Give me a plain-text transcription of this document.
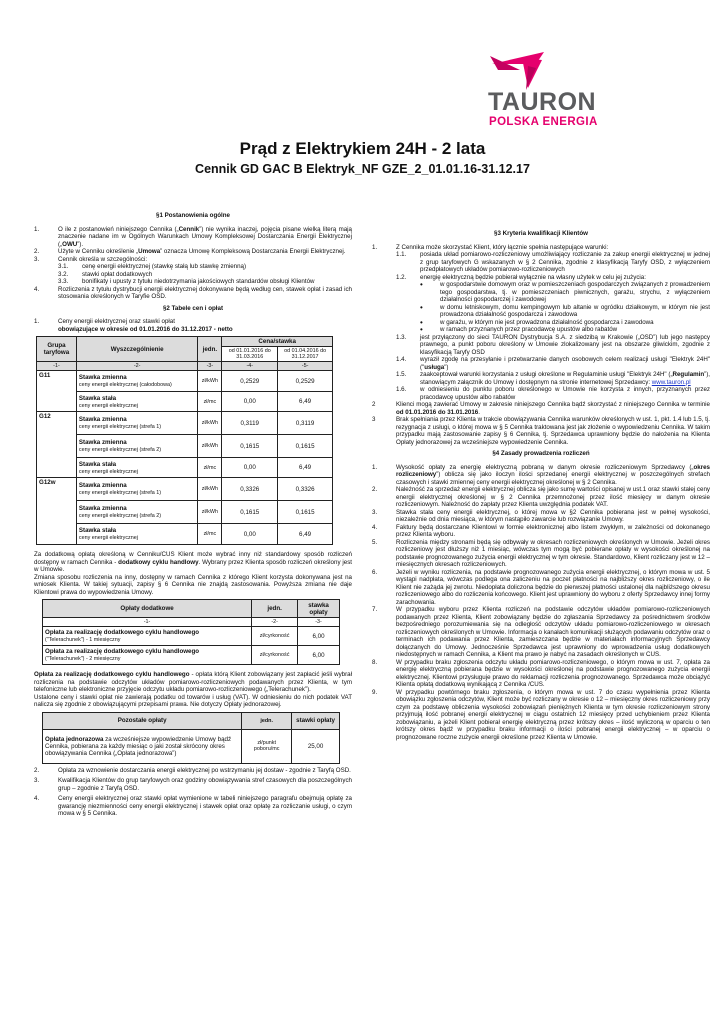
TAURON
POLSKA ENERGIA
Prąd z Elektrykiem 24H - 2 lata
Cennik GD GAC B Elektryk_NF GZE_2_01.01.16-31.12.17
§1 Postanowienia ogólne
1.	O ile z postanowień niniejszego Cennika („Cennik”) nie wynika inaczej, pojęcia pisane wielką literą mają znaczenie nadane im w Ogólnych Warunkach Umowy Kompleksowej Dostarczania Energii Elektrycznej („OWU”).
2.	Użyte w Cenniku określenie „Umowa” oznacza Umowę Kompleksową Dostarczania Energii Elektrycznej.
3.	Cennik określa w szczególności:
3.1.	cenę energii elektrycznej (stawkę stałą lub stawkę zmienną)
3.2.	stawki opłat dodatkowych
3.3.	bonifikaty i upusty z tytułu niedotrzymania jakościowych standardów obsługi Klientów
4.	Rozliczenia z tytułu dystrybucji energii elektrycznej dokonywane będą według cen, stawek opłat i zasad ich stosowania określonych w Taryfie OSD.
§2 Tabele cen i opłat
1.	Ceny energii elektrycznej oraz stawki opłat
obowiązujące w okresie od 01.01.2016 do 31.12.2017 - netto
Grupa taryfowa	Wyszczególnienie	jedn.	Cena/stawka	
			od 01.01.2016 do 31.03.2016	od 01.04.2016 do 31.12.2017
-1-	-2-	-3-	-4-	-5-
G11	Stawka zmienna
ceny energii elektrycznej (całodobowa)	zł/kWh	0,2529	0,2529
	Stawka stała
ceny energii elektrycznej	zł/mc	0,00	6,49
G12	Stawka zmienna
ceny energii elektrycznej (strefa 1)	zł/kWh	0,3119	0,3119
	Stawka zmienna
ceny energii elektrycznej (strefa 2)	zł/kWh	0,1615	0,1615
	Stawka stała
ceny energii elektrycznej	zł/mc	0,00	6,49
G12w	Stawka zmienna
ceny energii elektrycznej (strefa 1)	zł/kWh	0,3326	0,3326
	Stawka zmienna
ceny energii elektrycznej (strefa 2)	zł/kWh	0,1615	0,1615
	Stawka stała
ceny energii elektrycznej	zł/mc	0,00	6,49

Za dodatkową opłatą określoną w Cenniku/CUS Klient może wybrać inny niż standardowy sposób rozliczeń dostępny w ramach Cennika - dodatkowy cyklu handlowy. Wybrany przez Klienta sposób rozliczeń określony jest w Umowie.

Zmiana sposobu rozliczenia na inny, dostępny w ramach Cennika z którego Klient korzysta dokonywana jest na wniosek Klienta. W takiej sytuacji, zapisy § 6 Cennika nie znajdą zastosowania. Powyższa zmiana nie daje Klientowi prawa do wypowiedzenia Umowy.

Opłaty dodatkowe	jedn.	stawka opłaty
-1-	-2-	-3-
Opłata za realizację dodatkowego cyklu handlowego
("Telerachunek") - 1 miesięczny	zł/cyrkoność	6,00
Opłata za realizację dodatkowego cyklu handlowego
("Telerachunek") - 2 miesięczny	zł/cyrkoność	6,00

Opłata za realizację dodatkowego cyklu handlowego - opłata którą Klient zobowiązany jest zapłacić jeśli wybrał rozliczenia na podstawie odczytów układów pomiarowo-rozliczeniowych podawanych przez Klienta, w tym telefoniczne lub elektroniczne przyjęcie odczytu układu pomiarowo-rozliczeniowego („Telerachunek”).

Ustalone ceny i stawki opłat nie zawierają podatku od towarów i usług (VAT). W odniesieniu do nich podatek VAT nalicza się zgodnie z obowiązującymi przepisami prawa. Nie dotyczy Opłaty jednorazowej.

Pozostałe opłaty	jedn.	stawki opłaty
Opłata jednorazowa za wcześniejsze wypowiedzenie Umowy bądź Cennika, pobierana za każdy miesiąc o jaki został skrócony okres obowiązywania Cennika („Opłata jednorazowa”)	zł/punkt poboru/mc	25,00
2.	Opłata za wznowienie dostarczania energii elektrycznej po wstrzymaniu jej dostaw - zgodnie z Taryfą OSD.
3.	Kwalifikacja Klientów do grup taryfowych oraz godziny obowiązywania stref czasowych dla poszczególnych grup – zgodnie z Taryfą OSD.
4.	Ceny energii elektrycznej oraz stawki opłat wymienione w tabeli niniejszego paragrafu obejmują opłatę za gwarancję niezmienności ceny energii elektrycznej i stawek opłat oraz opłatę za rozliczanie usługi, o czym mowa w § 5 Cennika.
§3 Kryteria kwalifikacji Klientów
1.	Z Cennika może skorzystać Klient, który łącznie spełnia następujące warunki:
1.1.	posiada układ pomiarowo-rozliczeniowy umożliwiający rozliczanie za zakup energii elektrycznej w jednej z grup taryfowych G wskazanych w § 2 Cennika, zgodnie z klasyfikacją Taryfy OSD, z wyłączeniem przedpłatowych układów pomiarowo-rozliczeniowych
1.2.	energię elektryczną będzie pobierał wyłącznie na własny użytek w celu jej zużycia:
•	w gospodarstwie domowym oraz w pomieszczeniach gospodarczych związanych z prowadzeniem tego gospodarstwa, tj. w pomieszczeniach piwnicznych, garażu, strychu, z wyłączeniem działalności gospodarczej i zawodowej
•	w domu letniskowym, domu kempingowym lub altanie w ogródku działkowym, w którym nie jest prowadzona działalność gospodarcza i zawodowa
•	w garażu, w którym nie jest prowadzona działalność gospodarcza i zawodowa
•	w ramach przyznanych przez pracodawcę upustów albo rabatów
1.3.	jest przyłączony do sieci TAURON Dystrybucja S.A. z siedzibą w Krakowie („OSD”) lub jego następcy prawnego, a punkt poboru określony w Umowie zlokalizowany jest na obszarze gliwickim, zgodnie z klasyfikacją Taryfy OSD
1.4.	wyraził zgodę na przesyłanie i przetwarzanie danych osobowych celem realizacji usługi "Elektryk 24H" ("usługa")
1.5.	zaakceptował warunki korzystania z usługi określone w Regulaminie usługi "Elektryk 24H" („Regulamin”), stanowiącym załącznik do Umowy i dostępnym na stronie internetowej Sprzedawcy: www.tauron.pl
1.6.	w odniesieniu do punktu poboru określonego w Umowie nie korzysta z innych, przyznanych przez pracodawcę upustów albo rabatów
2	Klienci mogą zawierać Umowy w zakresie niniejszego Cennika bądź skorzystać z niniejszego Cennika w terminie od 01.01.2016 do 31.01.2016.
3	Brak spełniania przez Klienta w trakcie obowiązywania Cennika warunków określonych w ust. 1, pkt. 1.4 lub 1.5, tj. rezygnacja z usługi, o której mowa w § 5 Cennika traktowana jest jak złożenie o wypowiedzeniu Cennika. W takim przypadku mają zastosowanie zapisy § 6 Cennika, tj. Sprzedawca uprawniony będzie do nałożenia na Klienta Opłaty jednorazowej za wcześniejsze wypowiedzenie Cennika.
§4 Zasady prowadzenia rozliczeń
1.	Wysokość opłaty za energię elektryczną pobraną w danym okresie rozliczeniowym Sprzedawcy („okres rozliczeniowy”) oblicza się jako iloczyn ilości sprzedanej energii elektrycznej w poszczególnych strefach czasowych i stawki zmiennej ceny energii elektrycznej określonej w § 2 Cennika.
2.	Należność za sprzedaż energii elektrycznej oblicza się jako sumę wartości opisanej w ust.1 oraz stawki stałej ceny energii elektrycznej określonej w § 2 Cennika przemnożonej przez ilość miesięcy w danym okresie rozliczeniowym. Należność do zapłaty przez Klienta uwzględnia podatek VAT.
3.	Stawka stała ceny energii elektrycznej, o której mowa w §2 Cennika pobierana jest w pełnej wysokości, niezależnie od dnia miesiąca, w którym nastąpiło zawarcie lub rozwiązanie Umowy.
4.	Faktury będą dostarczane Klientowi w formie elektronicznej albo listem zwykłym, w zależności od dokonanego przez Klienta wyboru.
5.	Rozliczenia między stronami będą się odbywały w okresach rozliczeniowych określonych w Umowie. Jeżeli okres rozliczeniowy jest dłuższy niż 1 miesiąc, wówczas tym mogą być pobierane opłaty w wysokości określonej na podstawie prognozowanego zużycia energii elektrycznej w tym okresie. Standardowo, Klient rozliczany jest w 12 – miesięcznych okresach rozliczeniowych.
6.	Jeżeli w wyniku rozliczenia, na podstawie prognozowanego zużycia energii elektrycznej, o którym mowa w ust. 5 wystąpi nadpłata, wówczas podlega ona zaliczeniu na poczet płatności na najbliższy okres rozliczeniowy, o ile Klient nie zażąda jej zwrotu. Niedopłata doliczona będzie do pierwszej płatności ustalonej dla najbliższego okresu rozliczeniowego albo do rozliczenia końcowego. Klient jest uprawniony do wyboru z oferty Sprzedawcy innej formy zarachowania.
7.	W przypadku wyboru przez Klienta rozliczeń na podstawie odczytów układów pomiarowo-rozliczeniowych podawanych przez Klienta, Klient zobowiązany będzie do zgłaszania Sprzedawcy za pośrednictwem środków bezpośredniego porozumiewania się na odległość odczytów układu pomiarowo-rozliczeniowego w okresach rozliczeniowych określonych w Umowie. Informacja o kanałach komunikacji służących podawaniu odczytów oraz o terminach ich podawania przez Klienta, zamieszczana będzie w materiałach informacyjnych Sprzedawcy dołączanych do Umowy. Jednocześnie Sprzedawca jest uprawniony do wprowadzenia usług dodatkowych niedostępnych w ramach Cennika, a Klient ma prawo je nabyć na zasadach określonych w CUS.
8.	W przypadku braku zgłoszenia odczytu układu pomiarowo-rozliczeniowego, o którym mowa w ust. 7, opłata za energię elektryczną pobierana będzie w wysokości określonej na podstawie prognozowanego zużycia energii elektrycznej. Klientowi przysługuje prawo do reklamacji rozliczenia prognozowanego. Sprzedawca może obciążyć Klienta opłatą dodatkową wynikającą z Cennika /CUS.
9.	W przypadku powtórnego braku zgłoszenia, o którym mowa w ust. 7 do czasu wypełnienia przez Klienta obowiązku zgłoszenia odczytów, Klient może być rozliczany w okresie o 12 – miesięczny okres rozliczeniowy przy czym za podstawę obliczenia wysokości zobowiązań pieniężnych Klienta w tym okresie rozliczeniowym strony przyjmują ilość pobranej energii elektrycznej w ciągu ostatnich 12 miesięcy przed uchybieniem przez Klienta zobowiązaniu, a jeżeli Klient pobierał energię elektryczną przez krótszy okres – ilość wyliczoną w oparciu o ten krótszy okres bądź w przypadku braku informacji o ilości pobranej energii elektrycznej – w oparciu o prognozowane roczne zużycie energii określone przez Klienta w Umowie.
